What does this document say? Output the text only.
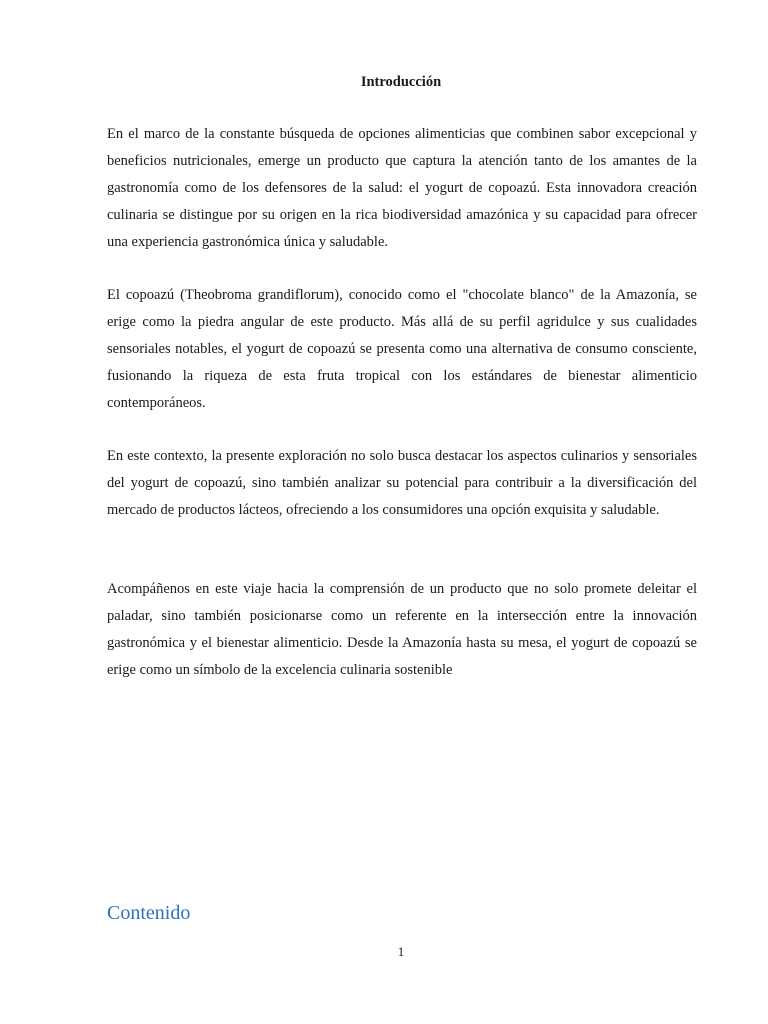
Introducción

En el marco de la constante búsqueda de opciones alimenticias que combinen sabor excepcional y beneficios nutricionales, emerge un producto que captura la atención tanto de los amantes de la gastronomía como de los defensores de la salud: el yogurt de copoazú. Esta innovadora creación culinaria se distingue por su origen en la rica biodiversidad amazónica y su capacidad para ofrecer una experiencia gastronómica única y saludable.

El copoazú (Theobroma grandiflorum), conocido como el "chocolate blanco" de la Amazonía, se erige como la piedra angular de este producto. Más allá de su perfil agridulce y sus cualidades sensoriales notables, el yogurt de copoazú se presenta como una alternativa de consumo consciente, fusionando la riqueza de esta fruta tropical con los estándares de bienestar alimenticio contemporáneos.

En este contexto, la presente exploración no solo busca destacar los aspectos culinarios y sensoriales del yogurt de copoazú, sino también analizar su potencial para contribuir a la diversificación del mercado de productos lácteos, ofreciendo a los consumidores una opción exquisita y saludable.

Acompáñenos en este viaje hacia la comprensión de un producto que no solo promete deleitar el paladar, sino también posicionarse como un referente en la intersección entre la innovación gastronómica y el bienestar alimenticio. Desde la Amazonía hasta su mesa, el yogurt de copoazú se erige como un símbolo de la excelencia culinaria sostenible

Contenido
1
